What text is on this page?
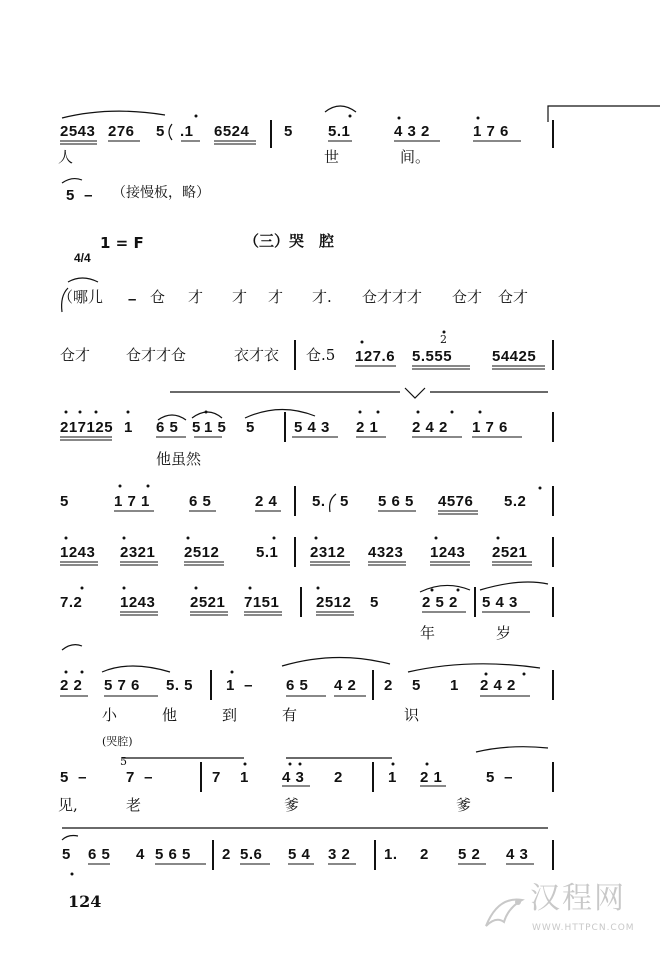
2543 276 5 .1 6524 5 5.1	4 3 2	1 7 6
人	世	间。
5  – （接慢板，略）

4/4

1 = F	（三）哭　腔
（哪儿 – 仓 才 才 才 才. 仓才才才 仓才 仓才
仓才 仓才才仓	衣才衣 仓.5 127.6
2
5.555	54425
217125 1 6 5 5 1 5 5	5 4 3 2 1 2 4 2 1 7 6
他虽然
5	1 7 1	6 5	2 4 5. 5 5 6 5 4576 5.2
1243 2321 2512 5.1 2312 4323 1243 2521
7.2	1243 2521 7151 2512 5	2 5 2 5 4 3
年	岁
2 2 5 7 6 5. 5 1  – 6 5 4 2 2 5 1 2 4 2
小	他	到	有	识
(哭腔)
5  –
5
7  –	7 1 4 3 2	1 2 1	5  –
见,	老	爹	爹
5 6 5 4 5 6 5 2 5.6 5 4 3 2 1. 2 5 2 4 3
124

	汉程网

WWW.HTTPCN.COM
